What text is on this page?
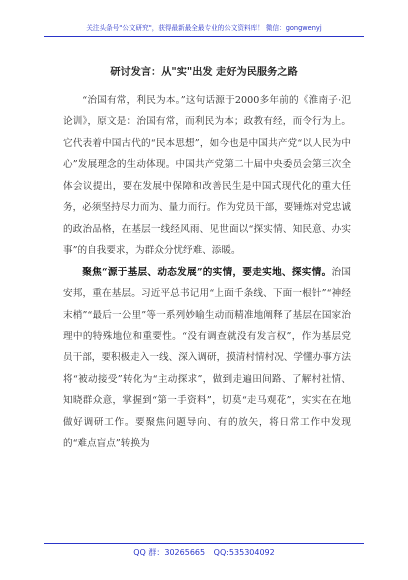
关注头条号"公文研究"，获得最新最全最专业的公文资料库！ 微信：gongwenyj
研讨发言：从"实"出发 走好为民服务之路

“治国有常，利民为本。”这句话源于2000多年前的《淮南子·氾论训》，原文是：治国有常，而利民为本；政教有经，而令行为上。它代表着中国古代的“民本思想”，如今也是中国共产党“以人民为中心”发展理念的生动体现。中国共产党第二十届中央委员会第三次全体会议提出，要在发展中保障和改善民生是中国式现代化的重大任务，必须坚持尽力而为、量力而行。作为党员干部，要锤炼对党忠诚的政治品格，在基层一线经风雨、见世面以“探实情、知民意、办实事”的自我要求，为群众分忧纾难、添暖。

聚焦“源于基层、动态发展”的实情，要走实地、探实情。治国安邦，重在基层。习近平总书记用“上面千条线、下面一根针”“神经末梢”“最后一公里”等一系列妙喻生动而精准地阐释了基层在国家治理中的特殊地位和重要性。“没有调查就没有发言权”，作为基层党员干部，要积极走入一线、深入调研，摸清村情村况、学懂办事方法将“被动接受”转化为“主动探求”，做到走遍田间路、了解村社情、知晓群众意，掌握到“第一手资料”，切莫“走马观花”，实实在在地做好调研工作。要聚焦问题导向、有的放矢，将日常工作中发现的“难点盲点”转换为

QQ 群：30265665 QQ:535304092
